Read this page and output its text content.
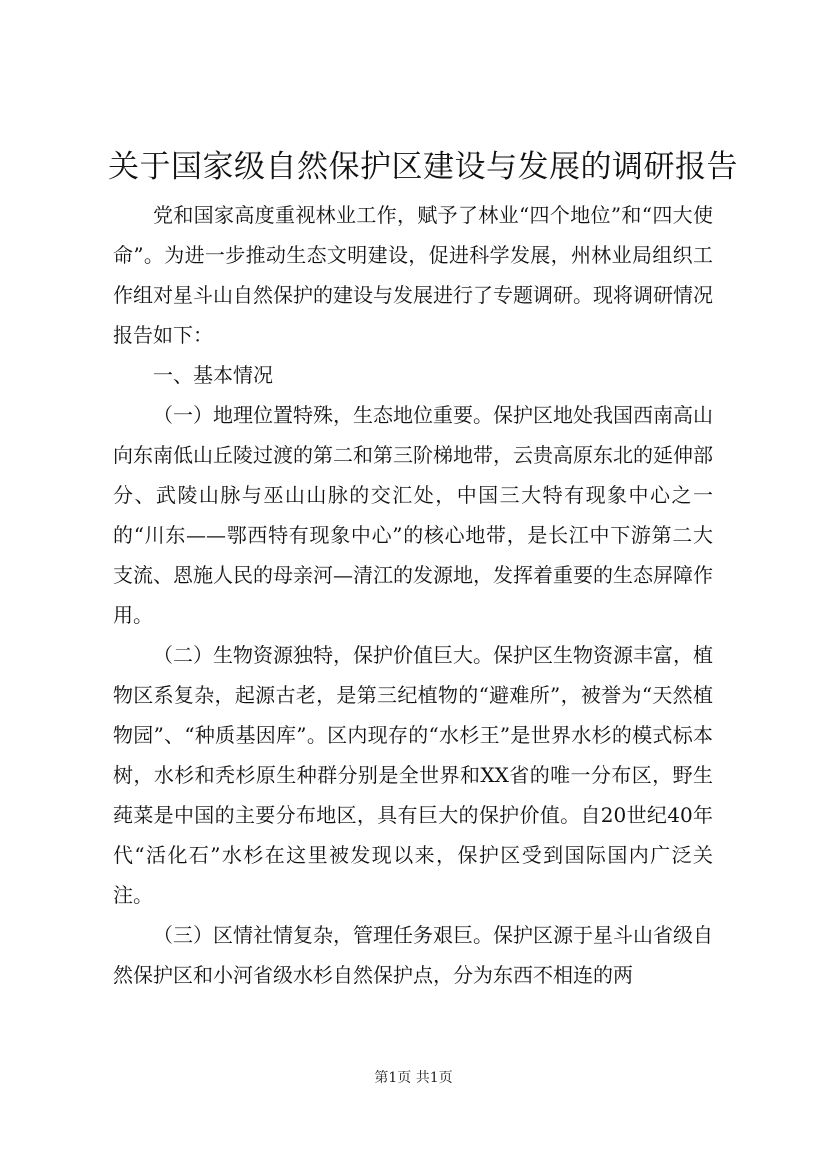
关于国家级自然保护区建设与发展的调研报告

党和国家高度重视林业工作，赋予了林业“四个地位”和“四大使命”。为进一步推动生态文明建设，促进科学发展，州林业局组织工作组对星斗山自然保护的建设与发展进行了专题调研。现将调研情况报告如下：

一、基本情况

（一）地理位置特殊，生态地位重要。保护区地处我国西南高山向东南低山丘陵过渡的第二和第三阶梯地带，云贵高原东北的延伸部分、武陵山脉与巫山山脉的交汇处，中国三大特有现象中心之一的“川东——鄂西特有现象中心”的核心地带，是长江中下游第二大支流、恩施人民的母亲河—清江的发源地，发挥着重要的生态屏障作用。

（二）生物资源独特，保护价值巨大。保护区生物资源丰富，植物区系复杂，起源古老，是第三纪植物的“避难所”，被誉为“天然植物园”、“种质基因库”。区内现存的“水杉王”是世界水杉的模式标本树，水杉和秃杉原生种群分别是全世界和XX省的唯一分布区，野生莼菜是中国的主要分布地区，具有巨大的保护价值。自20世纪40年代“活化石”水杉在这里被发现以来，保护区受到国际国内广泛关注。

（三）区情社情复杂，管理任务艰巨。保护区源于星斗山省级自然保护区和小河省级水杉自然保护点，分为东西不相连的两

第1页 共1页
